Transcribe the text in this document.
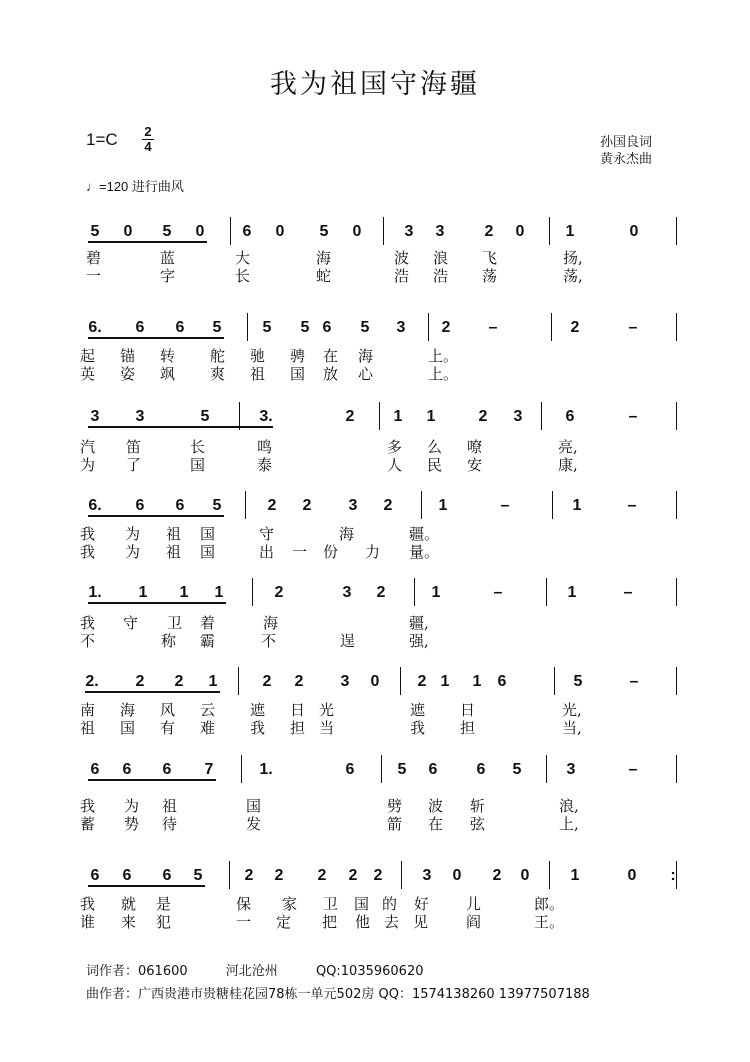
我为祖国守海疆
1=C 2
4
♩=120 进行曲风
孙国良词
黄永杰曲
5 0 5 0 6 0 5 0	3 3	2 0	1	0
碧	蓝	大	海	波 浪 飞	扬,
一	字	长	蛇	浩 浩 荡	荡,
6. 6 6 5	5 5 6 5 3 2 –	2	–
起 锚 转 舵 驰 骋 在 海	上。
英 姿 飒 爽 祖 国 放 心	上。
3 3	5	3.	2 1 1	2 3	6	–
汽 笛	长	鸣	多 么 嘹	亮,
为 了	国	泰	人 民 安	康,
6. 6 6 5	2 2 3 2	1	–	1	–
我 为 祖 国	守	海	疆。
我 为 祖 国	出 一 份 力 量。
1. 1 1 1	2	3 2	1	–	1	–
我 守 卫 着	海	疆,
不	称 霸	不	逞	强,
2. 2 2 1	2 2 3 0 2 1 1 6	5	–
南 海 风 云 遮 日 光	遮 日	光,
祖 国 有 难 我 担 当	我 担	当,
6 6 6 7	1.	6	5 6 6 5	3	–
我 为 祖	国	劈 波 斩	浪,
蓄 势 待	发	箭 在 弦	上,
6 6 6 5	2 2 2 2 2	3 0 2 0	1	0 :
我 就 是	保 家 卫 国 的 好 儿	郎。
谁 来 犯	一 定 把 他 去 见	阎	王。
词作者：061600	河北沧州	QQ:1035960620
曲作者：广西贵港市贵糖桂花园78栋一单元502房 QQ：1574138260 13977507188
